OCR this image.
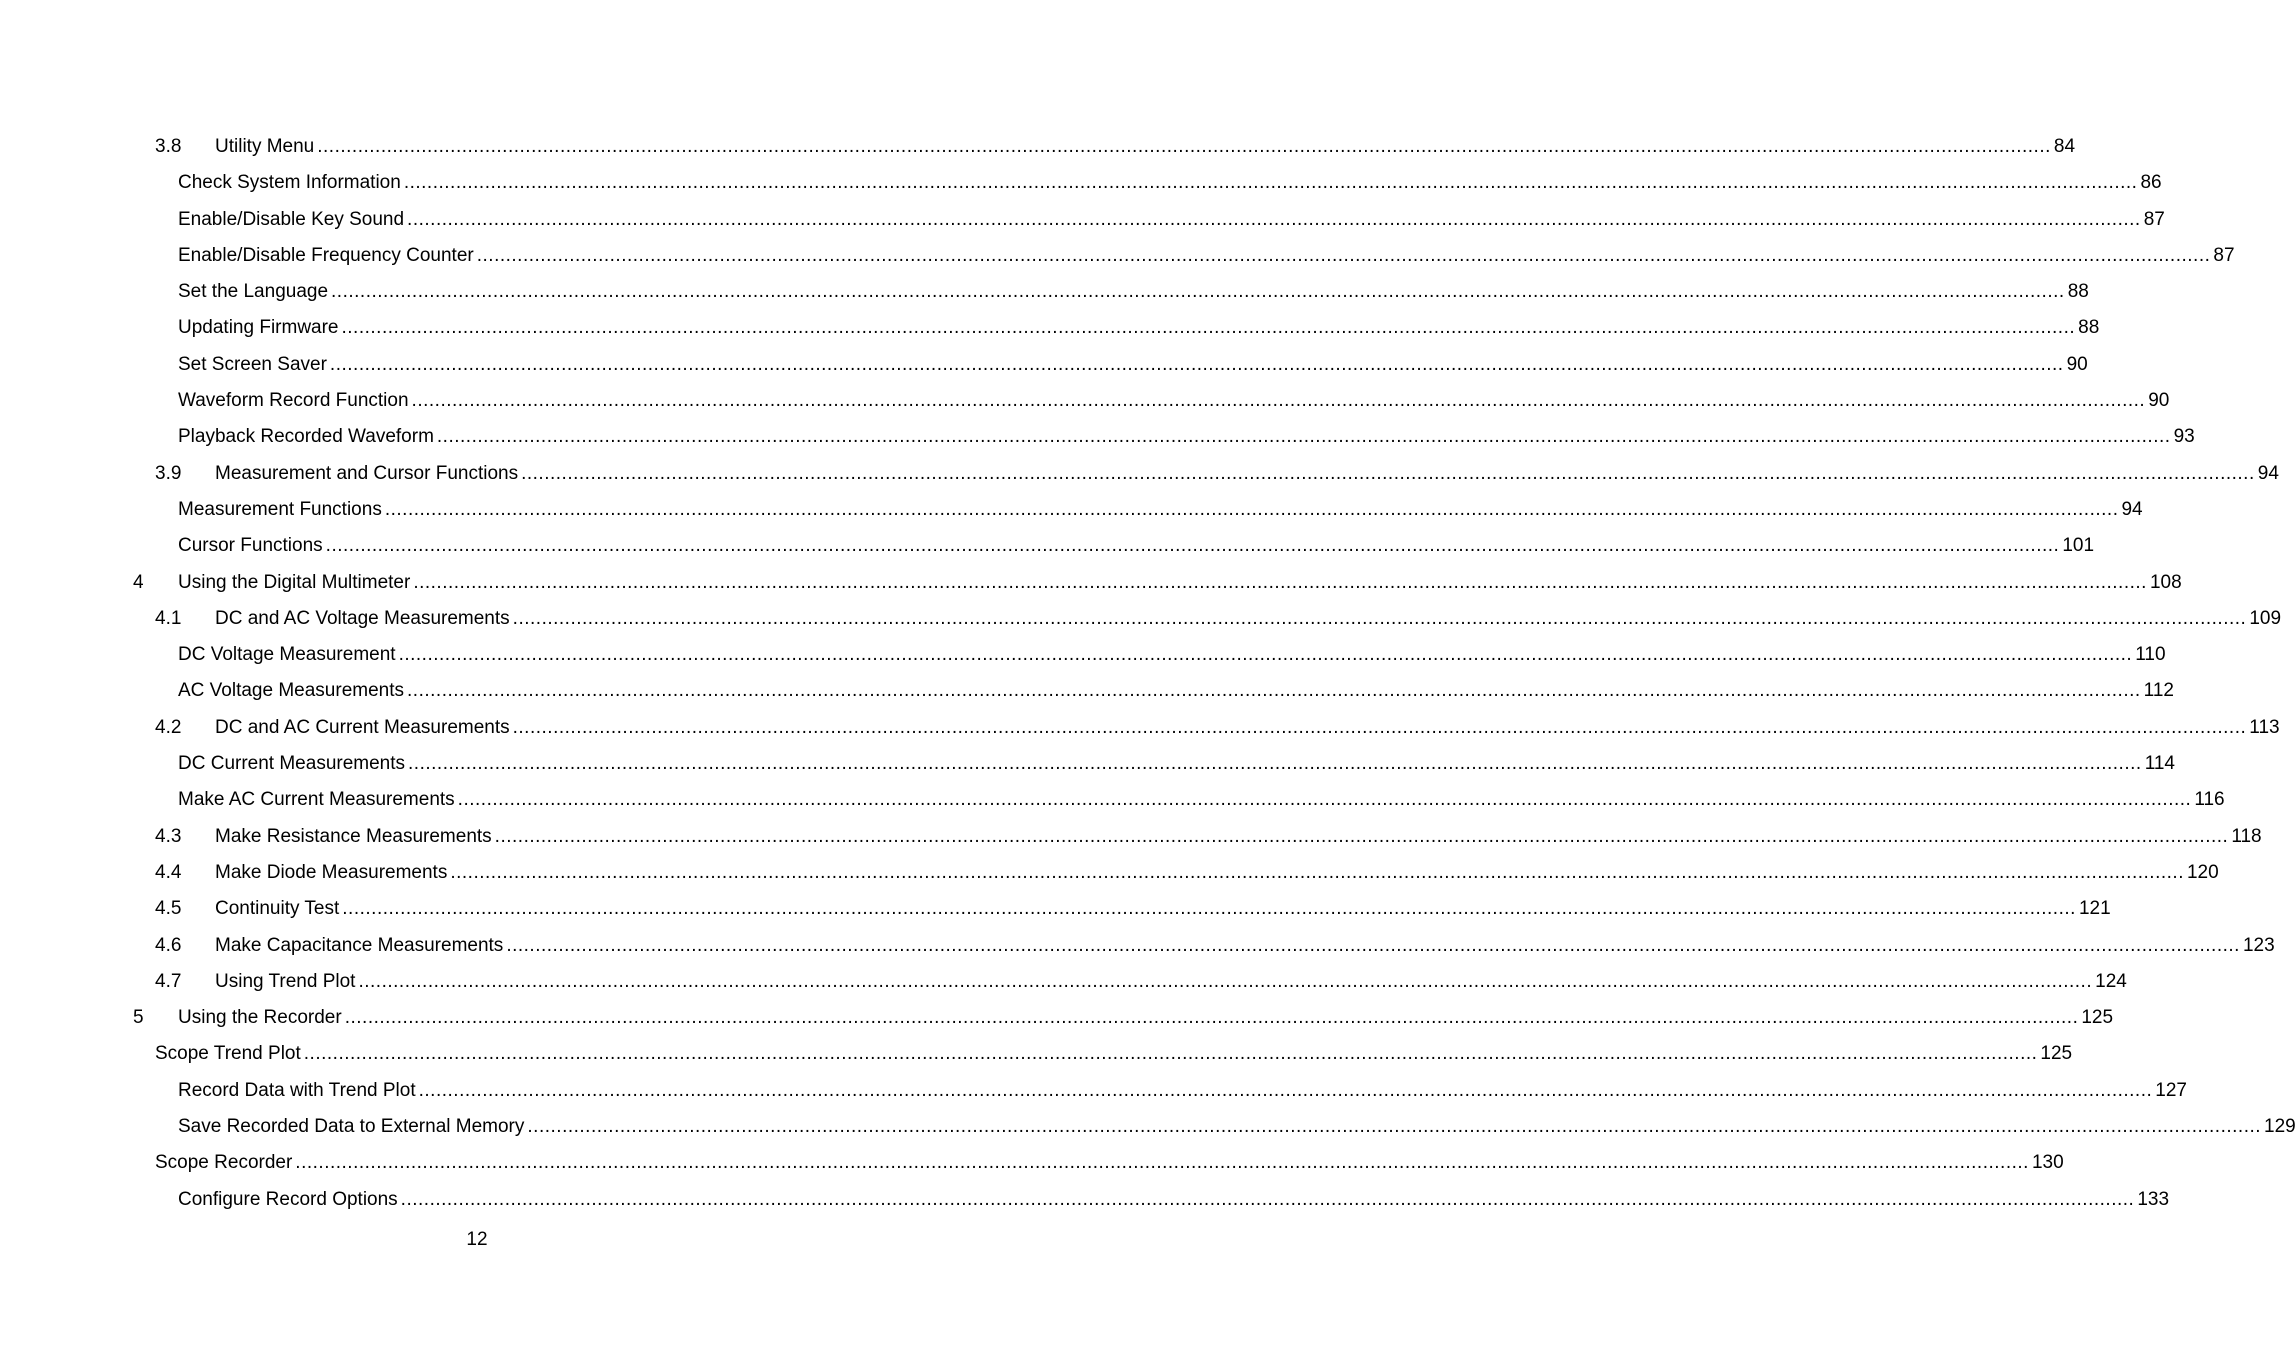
3.8	Utility Menu ............................................................................................................................................................................................................................................................................................................ 84
Check System Information ............................................................................................................................................................................................................................................................................................................ 86
Enable/Disable Key Sound ............................................................................................................................................................................................................................................................................................................ 87
Enable/Disable Frequency Counter ............................................................................................................................................................................................................................................................................................................ 87
Set the Language ............................................................................................................................................................................................................................................................................................................ 88
Updating Firmware ............................................................................................................................................................................................................................................................................................................ 88
Set Screen Saver ............................................................................................................................................................................................................................................................................................................ 90
Waveform Record Function ............................................................................................................................................................................................................................................................................................................ 90
Playback Recorded Waveform ............................................................................................................................................................................................................................................................................................................ 93
3.9	Measurement and Cursor Functions ............................................................................................................................................................................................................................................................................................................ 94
Measurement Functions ............................................................................................................................................................................................................................................................................................................ 94
Cursor Functions ............................................................................................................................................................................................................................................................................................................ 101
4	Using the Digital Multimeter ............................................................................................................................................................................................................................................................................................................ 108
4.1	DC and AC Voltage Measurements ............................................................................................................................................................................................................................................................................................................ 109
DC Voltage Measurement ............................................................................................................................................................................................................................................................................................................ 110
AC Voltage Measurements ............................................................................................................................................................................................................................................................................................................ 112
4.2	DC and AC Current Measurements ............................................................................................................................................................................................................................................................................................................ 113
DC Current Measurements ............................................................................................................................................................................................................................................................................................................ 114
Make AC Current Measurements ............................................................................................................................................................................................................................................................................................................ 116
4.3	Make Resistance Measurements ............................................................................................................................................................................................................................................................................................................ 118
4.4	Make Diode Measurements ............................................................................................................................................................................................................................................................................................................ 120
4.5	Continuity Test ............................................................................................................................................................................................................................................................................................................ 121
4.6	Make Capacitance Measurements ............................................................................................................................................................................................................................................................................................................ 123
4.7	Using Trend Plot ............................................................................................................................................................................................................................................................................................................ 124
5	Using the Recorder ............................................................................................................................................................................................................................................................................................................ 125
Scope Trend Plot ............................................................................................................................................................................................................................................................................................................ 125
Record Data with Trend Plot ............................................................................................................................................................................................................................................................................................................ 127
Save Recorded Data to External Memory ............................................................................................................................................................................................................................................................................................................ 129
Scope Recorder ............................................................................................................................................................................................................................................................................................................ 130
Configure Record Options ............................................................................................................................................................................................................................................................................................................ 133
12
